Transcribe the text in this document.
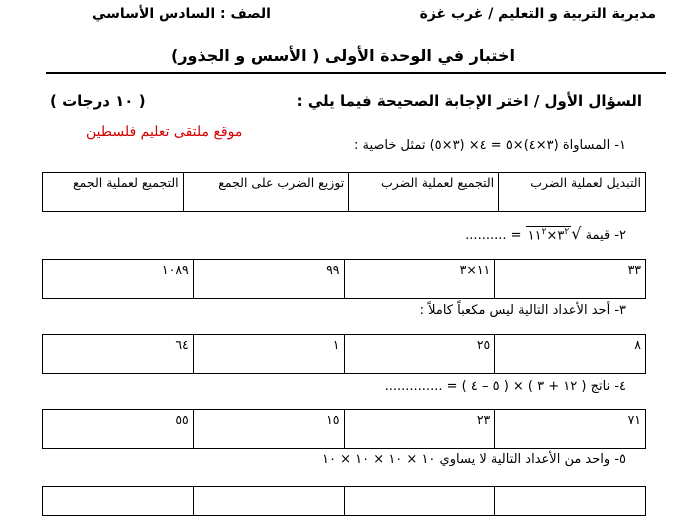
مديرية التربية و التعليم / غرب غزة
الصف : السادس الأساسي
اختبار في الوحدة الأولى ( الأسس و الجذور)
السؤال الأول / اختر الإجابة الصحيحة فيما يلي :
( ١٠ درجات )
موقع ملتقى تعليم فلسطين
١- المساواة (٣×٤)×٥ = ٤× (٣×٥) تمثل خاصية :
التبديل لعملية الضرب	التجميع لعملية الضرب	توزيع الضرب على الجمع	التجميع لعملية الجمع
٢- قيمة $√٣^٢\times ١١^٢$ = ..........
٣٣	١١×٣	٩٩	١٠٨٩
٣- أحد الأعداد التالية ليس مكعباً كاملاً :
٨	٢٥	١	٦٤
٤- ناتج ( ١٢ + ٣ ) × ( ٥ – ٤ ) = ..............
٧١	٢٣	١٥	٥٥
٥- واحد من الأعداد التالية لا يساوي ١٠ × ١٠ × ١٠ × ١٠
